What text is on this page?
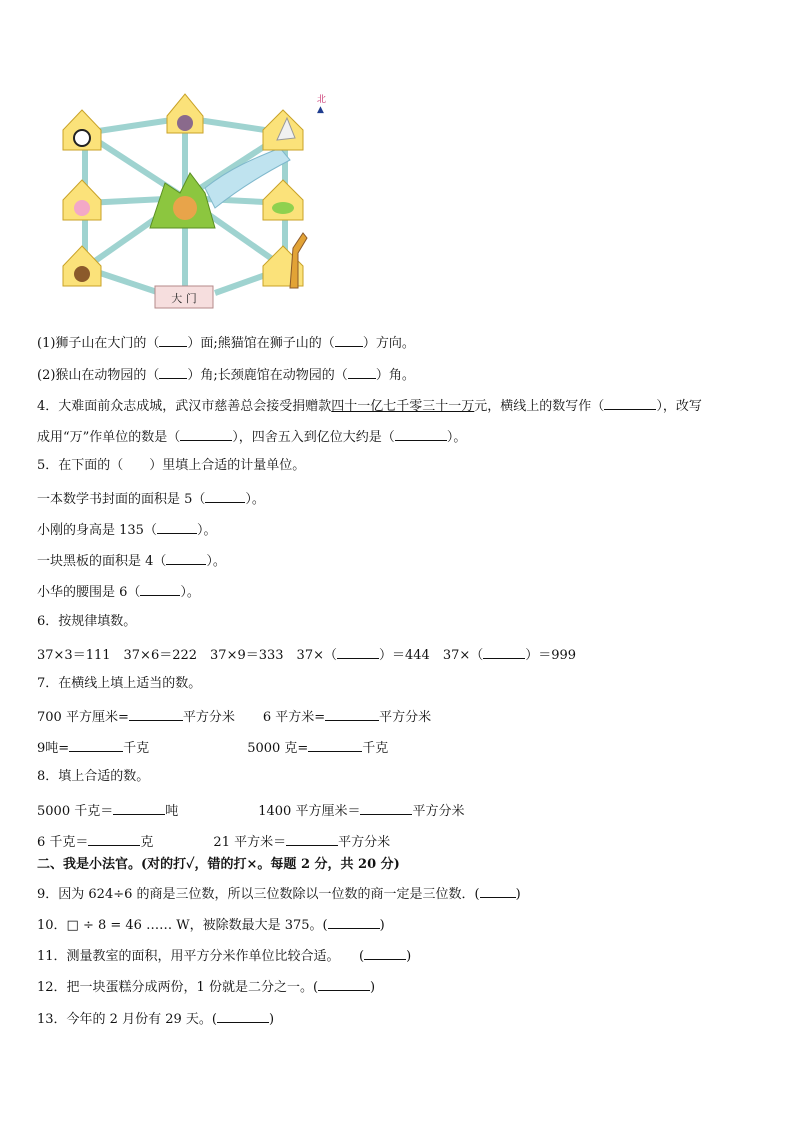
大 门
北
▲
(1)狮子山在大门的（ ）面;熊猫馆在狮子山的（ ）方向。
(2)猴山在动物园的（ ）角;长颈鹿馆在动物园的（ ）角。
4．大难面前众志成城，武汉市慈善总会接受捐赠款四十一亿七千零三十一万元，横线上的数写作（	），改写
成用“万”作单位的数是（	），四舍五入到亿位大约是（	）。
5．在下面的（　　）里填上合适的计量单位。
一本数学书封面的面积是 5（	）。
小刚的身高是 135（	）。
一块黑板的面积是 4（	）。
小华的腰围是 6（	）。
6．按规律填数。
37×3＝111　37×6＝222　37×9＝333　37×（	）＝444　37×（	）＝999
7．在横线上填上适当的数。
700 平方厘米=	平方分米 6 平方米=	平方分米
9吨=	千克	5000 克=	千克
8．填上合适的数。
5000 千克＝	吨	1400 平方厘米＝	平方分米
6 千克＝	克	21 平方米＝	平方分米
二、我是小法官。(对的打✓，错的打×。每题 2 分，共 20 分)
9．因为 624÷6 的商是三位数，所以三位数除以一位数的商一定是三位数．(	)
10．□ ÷ 8 = 46 …… W，被除数最大是 375。(	)
11．测量教室的面积，用平方分米作单位比较合适。　　(	)
12．把一块蛋糕分成两份，1 份就是二分之一。(	)
13．今年的 2 月份有 29 天。(	)
